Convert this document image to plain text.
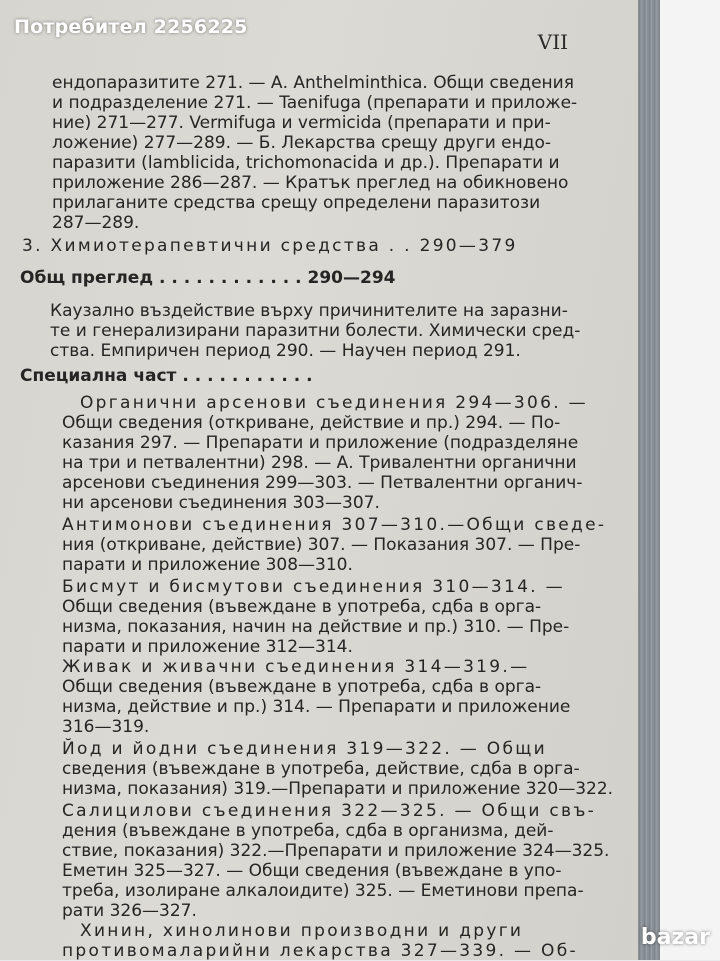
Потребител 2256225
VII
ендопаразитите 271. — А. Anthelminthica. Общи сведения
и подразделение 271. — Taenifuga (препарати и приложе-
ние) 271—277. Vermifuga и vermicida (препарати и при-
ложение) 277—289. — Б. Лекарства срещу други ендо-
паразити (lamblicida, trichomonacida и др.). Препарати и
приложение 286—287. — Кратък преглед на обикновено
прилаганите средства срещу определени паразитози
287—289.
3. Химиотерапевтични средства . . 290—379
Общ преглед . . . . . . . . . . . . 290—294
Каузално въздействие върху причинителите на заразни-
те и генерализирани паразитни болести. Химически сред-
ства. Емпиричен период 290. — Научен период 291.
Специална част . . . . . . . . . . .
Органични арсенови съединения 294—306. —
Общи сведения (откриване, действие и пр.) 294. — По-
казания 297. — Препарати и приложение (подразделяне
на три и петвалентни) 298. — А. Тривалентни органични
арсенови съединения 299—303. — Петвалентни органич-
ни арсенови съединения 303—307.
Антимонови съединения 307—310.—Общи сведе-
ния (откриване, действие) 307. — Показания 307. — Пре-
парати и приложение 308—310.
Бисмут и бисмутови съединения 310—314. —
Общи сведения (въвеждане в употреба, сдба в орга-
низма, показания, начин на действие и пр.) 310. — Пре-
парати и приложение 312—314.
Живак и живачни съединения 314—319.—
Общи сведения (въвеждане в употреба, сдба в орга-
низма, действие и пр.) 314. — Препарати и приложение
316—319.
Йод и йодни съединения 319—322. — Общи
сведения (въвеждане в употреба, действие, сдба в орга-
низма, показания) 319.—Препарати и приложение 320—322.
Салицилови съединения 322—325. — Общи свъ-
дения (въвеждане в употреба, сдба в организма, дей-
ствие, показания) 322.—Препарати и приложение 324—325.
Еметин 325—327. — Общи сведения (въвеждане в упо-
треба, изолиране алкалоидите) 325. — Еметинови препа-
рати 326—327.
Хинин, хинолинови производни и други
противомаларийни лекарства 327—339. — Об-
bazar
